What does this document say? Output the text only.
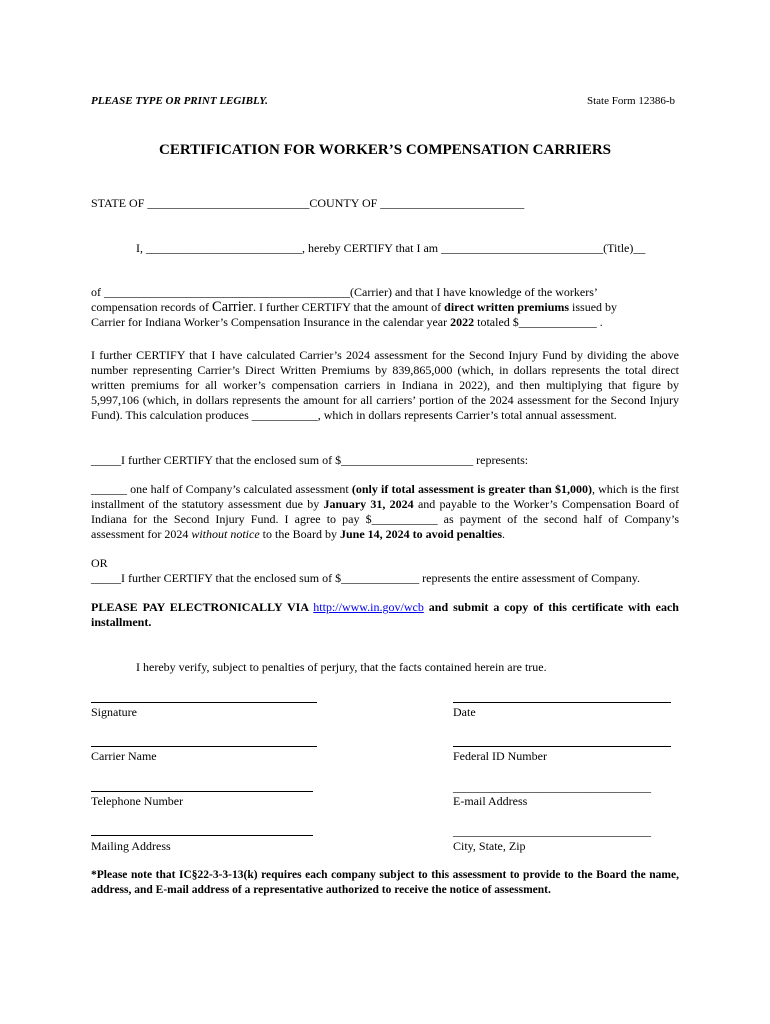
PLEASE TYPE OR PRINT LEGIBLY.	State Form 12386-b
CERTIFICATION FOR WORKER’S COMPENSATION CARRIERS
STATE OF ___________________________COUNTY OF ________________________
I, __________________________, hereby CERTIFY that I am ___________________________(Title)__
of _________________________________________(Carrier) and that I have knowledge of the workers’
compensation records of Carrier. I further CERTIFY that the amount of direct written premiums issued by
Carrier for Indiana Worker’s Compensation Insurance in the calendar year 2022 totaled $_____________ .
I further CERTIFY that I have calculated Carrier’s 2024 assessment for the Second Injury Fund by dividing the above number representing Carrier’s Direct Written Premiums by 839,865,000 (which, in dollars represents the total direct written premiums for all worker’s compensation carriers in Indiana in 2022), and then multiplying that figure by 5,997,106 (which, in dollars represents the amount for all carriers’ portion of the 2024 assessment for the Second Injury Fund). This calculation produces ___________, which in dollars represents Carrier’s total annual assessment.
_____I further CERTIFY that the enclosed sum of $______________________ represents:
______ one half of Company’s calculated assessment (only if total assessment is greater than $1,000), which is the first installment of the statutory assessment due by January 31, 2024 and payable to the Worker’s Compensation Board of Indiana for the Second Injury Fund. I agree to pay $___________ as payment of the second half of Company’s assessment for 2024 without notice to the Board by June 14, 2024 to avoid penalties.
OR
_____I further CERTIFY that the enclosed sum of $_____________ represents the entire assessment of Company.
PLEASE PAY ELECTRONICALLY VIA http://www.in.gov/wcb and submit a copy of this certificate with each installment.
I hereby verify, subject to penalties of perjury, that the facts contained herein are true.
Signature	Date
Carrier Name	Federal ID Number
_________________________________
Telephone Number	E-mail Address
_________________________________
Mailing Address	City, State, Zip
*Please note that IC§22-3-3-13(k) requires each company subject to this assessment to provide to the Board the name, address, and E-mail address of a representative authorized to receive the notice of assessment.
